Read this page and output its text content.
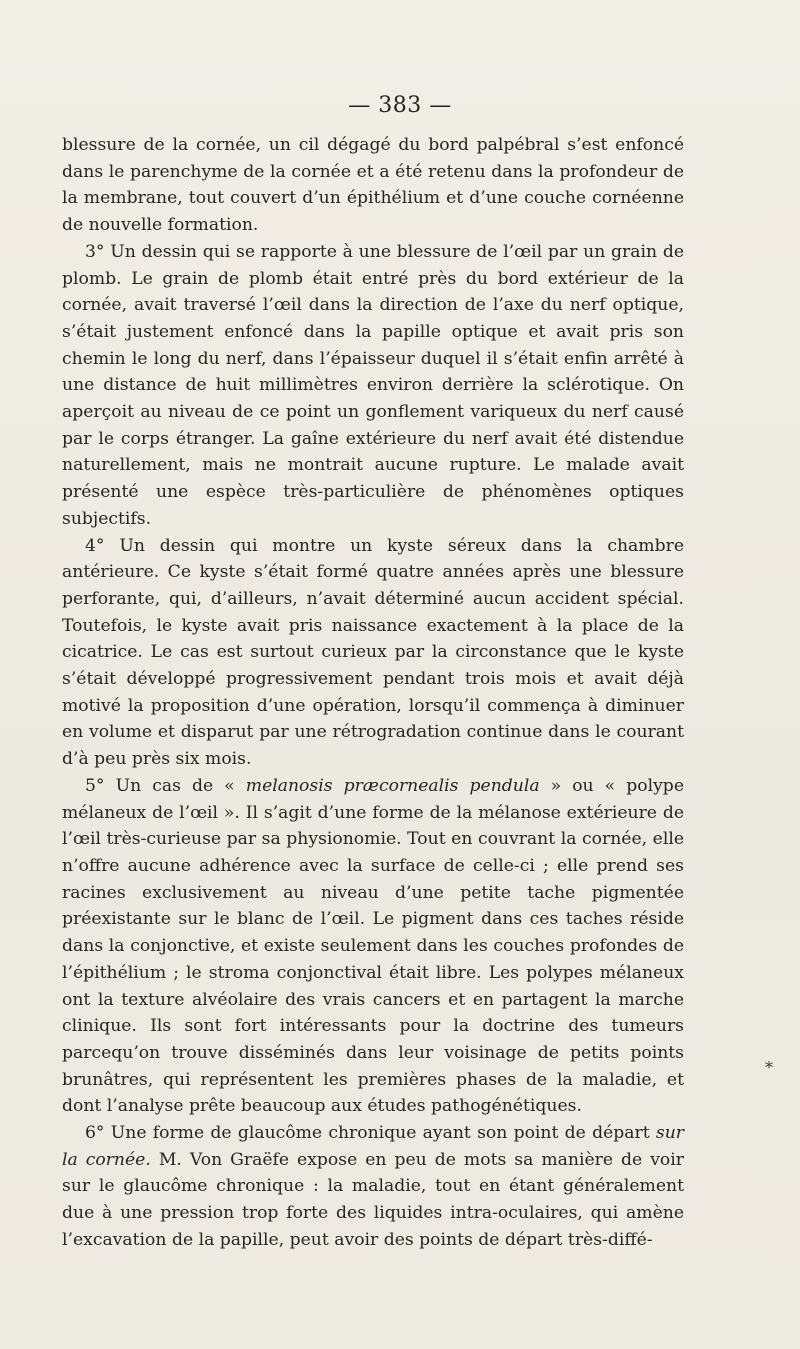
— 383 —

blessure de la cornée, un cil dégagé du bord palpébral s’est enfoncé dans le parenchyme de la cornée et a été retenu dans la profondeur de la membrane, tout couvert d’un épithélium et d’une couche cornéenne de nouvelle formation.

3° Un dessin qui se rapporte à une blessure de l’œil par un grain de plomb. Le grain de plomb était entré près du bord extérieur de la cornée, avait traversé l’œil dans la direction de l’axe du nerf optique, s’était justement enfoncé dans la papille optique et avait pris son chemin le long du nerf, dans l’épaisseur duquel il s’était enfin arrêté à une distance de huit millimètres environ derrière la sclérotique. On aperçoit au niveau de ce point un gonflement variqueux du nerf causé par le corps étranger. La gaîne extérieure du nerf avait été distendue naturellement, mais ne montrait aucune rupture. Le malade avait présenté une espèce très-particulière de phénomènes optiques subjectifs.

4° Un dessin qui montre un kyste séreux dans la chambre antérieure. Ce kyste s’était formé quatre années après une blessure perforante, qui, d’ailleurs, n’avait déterminé aucun accident spécial. Toutefois, le kyste avait pris naissance exactement à la place de la cicatrice. Le cas est surtout curieux par la circonstance que le kyste s’était développé progressivement pendant trois mois et avait déjà motivé la proposition d’une opération, lorsqu’il commença à diminuer en volume et disparut par une rétrogradation continue dans le courant d’à peu près six mois.

5° Un cas de « melanosis præcornealis pendula » ou « polype mélaneux de l’œil ». Il s’agit d’une forme de la mélanose extérieure de l’œil très-curieuse par sa physionomie. Tout en couvrant la cornée, elle n’offre aucune adhérence avec la surface de celle-ci ; elle prend ses racines exclusivement au niveau d’une petite tache pigmentée préexistante sur le blanc de l’œil. Le pigment dans ces taches réside dans la conjonctive, et existe seulement dans les couches profondes de l’épithélium ; le stroma conjonctival était libre. Les polypes mélaneux ont la texture alvéolaire des vrais cancers et en partagent la marche clinique. Ils sont fort intéressants pour la doctrine des tumeurs parcequ’on trouve disséminés dans leur voisinage de petits points brunâtres, qui représentent les premières phases de la maladie, et dont l’analyse prête beaucoup aux études pathogénétiques.

6° Une forme de glaucôme chronique ayant son point de départ sur la cornée. M. Von Graëfe expose en peu de mots sa manière de voir sur le glaucôme chronique : la maladie, tout en étant généralement due à une pression trop forte des liquides intra-oculaires, qui amène l’excavation de la papille, peut avoir des points de départ très-diffé-

*
